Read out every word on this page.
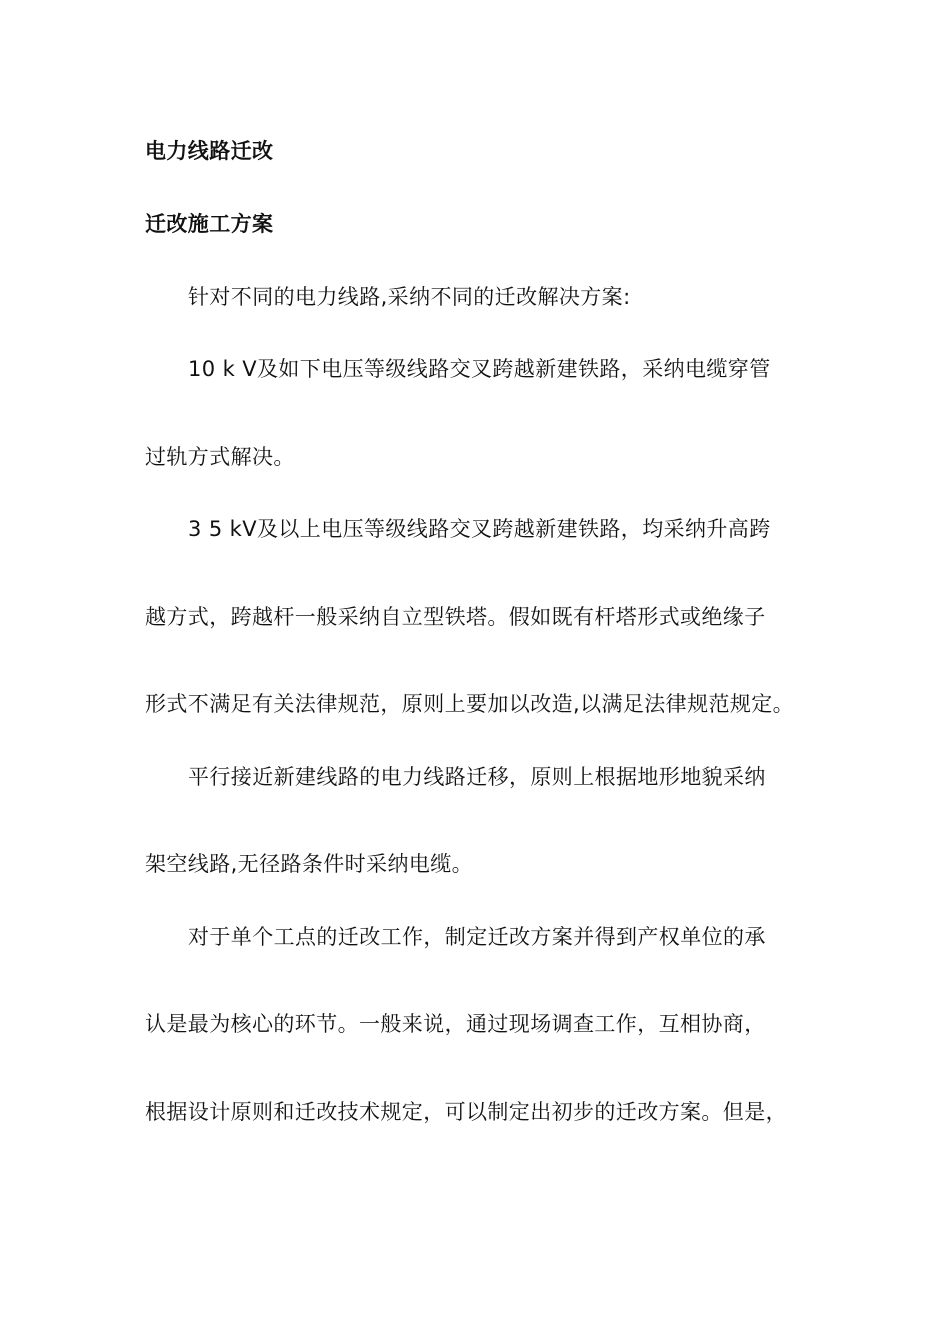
电力线路迁改
迁改施工方案
针对不同的电力线路,采纳不同的迁改解决方案:
10 k V及如下电压等级线路交叉跨越新建铁路，采纳电缆穿管
过轨方式解决。
3 5 kV及以上电压等级线路交叉跨越新建铁路，均采纳升高跨
越方式，跨越杆一般采纳自立型铁塔。假如既有杆塔形式或绝缘子
形式不满足有关法律规范，原则上要加以改造,以满足法律规范规定。
平行接近新建线路的电力线路迁移，原则上根据地形地貌采纳
架空线路,无径路条件时采纳电缆。
对于单个工点的迁改工作，制定迁改方案并得到产权单位的承
认是最为核心的环节。一般来说，通过现场调查工作，互相协商，
根据设计原则和迁改技术规定，可以制定出初步的迁改方案。但是，
